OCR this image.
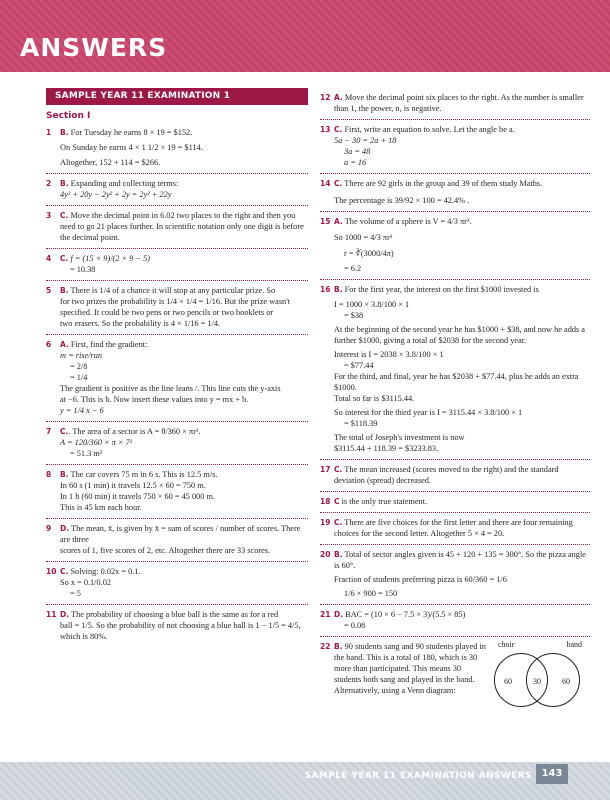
ANSWERS
SAMPLE YEAR 11 EXAMINATION 1
Section I
1 B. For Tuesday he earns 8 × 19 = $152.
On Sunday he earns 4 × 1 1/2 × 19 = $114.
Altogether, 152 + 114 = $266.
2 B. Expanding and collecting terms:
4y² + 20y − 2y² + 2y = 2y² + 22y
3 C. Move the decimal point in 6.02 two places to the right and then you need to go 21 places further. In scientific notation only one digit is before the decimal point.
4 C. f = (15 × 9)/(2 × 9 − 5)
= 10.38
5 B. There is 1/4 of a chance it will stop at any particular prize. So
for two prizes the probability is 1/4 × 1/4 = 1/16. But the prize wasn't
specified. It could be two pens or two pencils or two booklets or
two erasers. So the probability is 4 × 1/16 = 1/4.
6 A. First, find the gradient:
m = rise/run
= 2/8
= 1/4
The gradient is positive as the line leans /. This line cuts the y-axis
at −6. This is b. Now insert these values into y = mx + b.
y = 1/4 x − 6
7 C.. The area of a sector is A = θ/360 × πr².
A = 120/360 × π × 7²
= 51.3 m²
8 B. The car covers 75 m in 6 s. This is 12.5 m/s.
In 60 s (1 min) it travels 12.5 × 60 = 750 m.
In 1 h (60 min) it travels 750 × 60 = 45 000 m.
This is 45 km each hour.
9 D. The mean, x̄, is given by x̄ = sum of scores / number of scores. There are three
scores of 1, five scores of 2, etc. Altogether there are 33 scores.
10 C. Solving: 0.02x = 0.1.
So x = 0.1/0.02
= 5
11 D. The probability of choosing a blue ball is the same as for a red
ball = 1/5. So the probability of not choosing a blue ball is 1 − 1/5 = 4/5,
which is 80%.
12 A. Move the decimal point six places to the right. As the number is smaller than 1, the power, n, is negative.
13 C. First, write an equation to solve. Let the angle be a.
5a − 30 = 2a + 18
3a = 48
a = 16
14 C. There are 92 girls in the group and 39 of them study Maths.
The percentage is 39/92 × 100 = 42.4% .
15 A. The volume of a sphere is V = 4/3 πr³.
So 1000 = 4/3 πr³
r = ∛(3000/4π)
= 6.2
16 B. For the first year, the interest on the first $1000 invested is
I = 1000 × 3.8/100 × 1
= $38
At the beginning of the second year he has $1000 + $38, and now he adds a further $1000, giving a total of $2038 for the second year.
Interest is I = 2038 × 3.8/100 × 1
= $77.44
For the third, and final, year he has $2038 + $77.44, plus he adds an extra $1000.
Total so far is $3115.44.
So interest for the third year is I = 3115.44 × 3.8/100 × 1
= $118.39
The total of Joseph's investment is now
$3115.44 + 118.39 = $3233.83.
17 C. The mean increased (scores moved to the right) and the standard deviation (spread) decreased.
18 C is the only true statement.
19 C. There are five choices for the first letter and there are four remaining choices for the second letter. Altogether 5 × 4 = 20.
20 B. Total of sector angles given is 45 + 120 + 135 = 300°. So the pizza angle is 60°.
Fraction of students preferring pizza is 60/360 = 1/6
1/6 × 900 = 150
21 D. BAC = (10 × 6 − 7.5 × 3)/(5.5 × 85)
= 0.08
22 B. 90 students sang and 90 students played in the band. This is a total of 180, which is 30 more than participated. This means 30 students both sang and played in the band. Alternatively, using a Venn diagram:
choir	band
60	30	60
SAMPLE YEAR 11 EXAMINATION ANSWERS 143
